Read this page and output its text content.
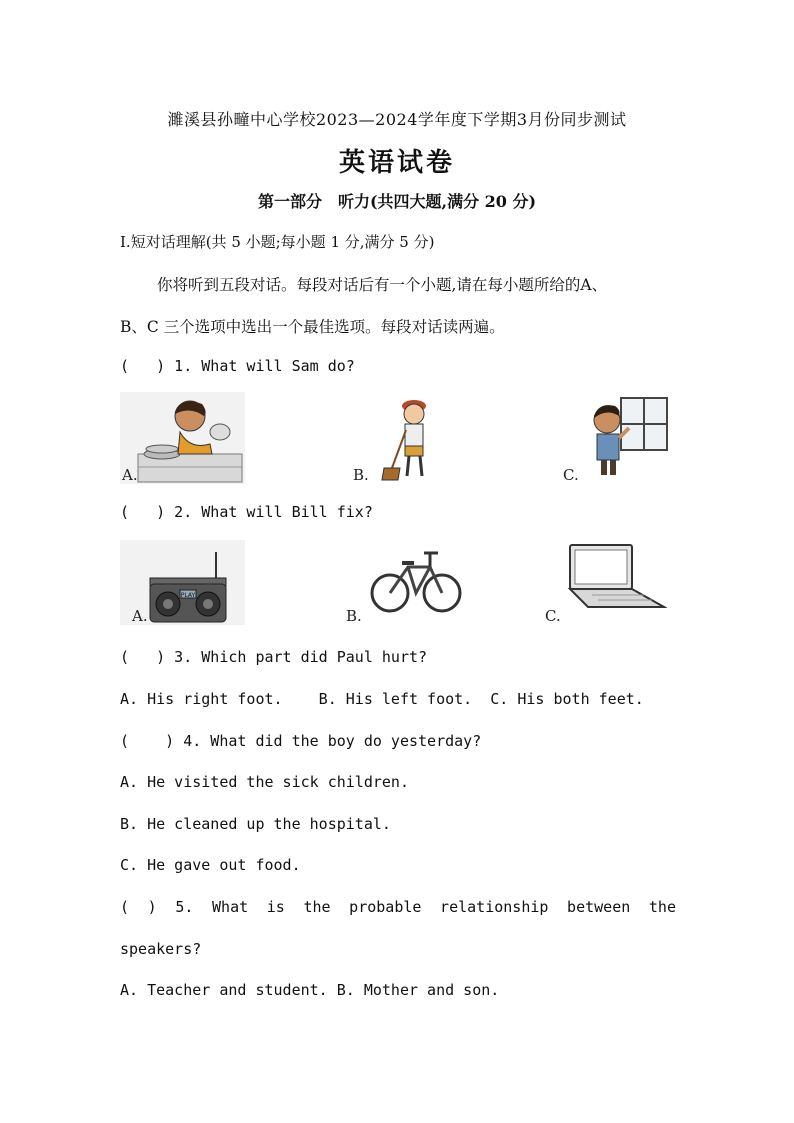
濉溪县孙疃中心学校2023—2024学年度下学期3月份同步测试
英语试卷
第一部分　听力(共四大题,满分 20 分)
Ⅰ.短对话理解(共 5 小题;每小题 1 分,满分 5 分)
你将听到五段对话。每段对话后有一个小题,请在每小题所给的A、
B、C 三个选项中选出一个最佳选项。每段对话读两遍。
(   ) 1. What will Sam do?
A.	B.	C.
(   ) 2. What will Bill fix?
PLAY
A.	B.	C.
(   ) 3. Which part did Paul hurt?
A. His right foot.    B. His left foot.  C. His both feet.
(    ) 4. What did the boy do yesterday?
A. He visited the sick children.
B. He cleaned up the hospital.
C. He gave out food.
( ) 5. What is the probable relationship between the
speakers?
A. Teacher and student. B. Mother and son.
